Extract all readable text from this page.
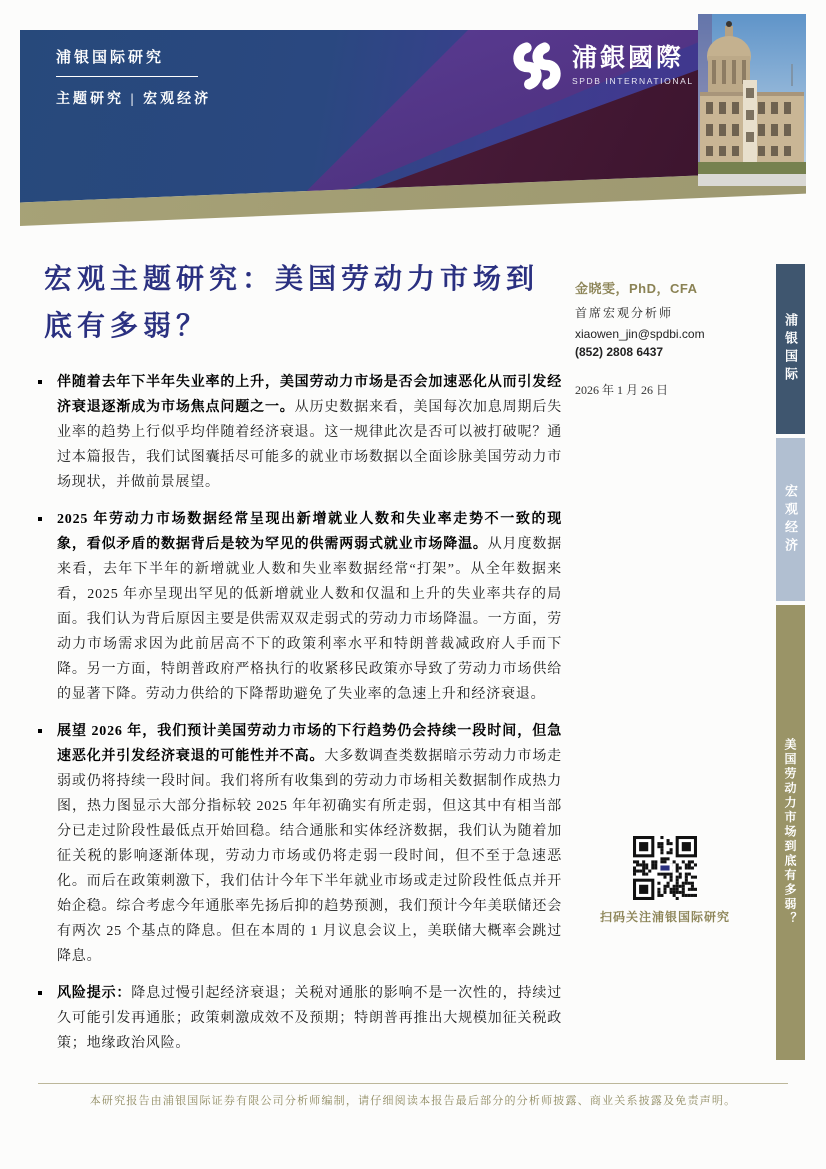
浦银国际研究
主题研究 | 宏观经济
浦銀國際
SPDB INTERNATIONAL
宏观主题研究：美国劳动力市场到底有多弱？
伴随着去年下半年失业率的上升，美国劳动力市场是否会加速恶化从而引发经济衰退逐渐成为市场焦点问题之一。从历史数据来看，美国每次加息周期后失业率的趋势上行似乎均伴随着经济衰退。这一规律此次是否可以被打破呢？通过本篇报告，我们试图囊括尽可能多的就业市场数据以全面诊脉美国劳动力市场现状，并做前景展望。
2025 年劳动力市场数据经常呈现出新增就业人数和失业率走势不一致的现象，看似矛盾的数据背后是较为罕见的供需两弱式就业市场降温。从月度数据来看，去年下半年的新增就业人数和失业率数据经常“打架”。从全年数据来看，2025 年亦呈现出罕见的低新增就业人数和仅温和上升的失业率共存的局面。我们认为背后原因主要是供需双双走弱式的劳动力市场降温。一方面，劳动力市场需求因为此前居高不下的政策利率水平和特朗普裁减政府人手而下降。另一方面，特朗普政府严格执行的收紧移民政策亦导致了劳动力市场供给的显著下降。劳动力供给的下降帮助避免了失业率的急速上升和经济衰退。
展望 2026 年，我们预计美国劳动力市场的下行趋势仍会持续一段时间，但急速恶化并引发经济衰退的可能性并不高。大多数调查类数据暗示劳动力市场走弱或仍将持续一段时间。我们将所有收集到的劳动力市场相关数据制作成热力图，热力图显示大部分指标较 2025 年年初确实有所走弱，但这其中有相当部分已走过阶段性最低点开始回稳。结合通胀和实体经济数据，我们认为随着加征关税的影响逐渐体现，劳动力市场或仍将走弱一段时间，但不至于急速恶化。而后在政策刺激下，我们估计今年下半年就业市场或走过阶段性低点并开始企稳。综合考虑今年通胀率先扬后抑的趋势预测，我们预计今年美联储还会有两次 25 个基点的降息。但在本周的 1 月议息会议上，美联储大概率会跳过降息。
风险提示：降息过慢引起经济衰退；关税对通胀的影响不是一次性的，持续过久可能引发再通胀；政策刺激成效不及预期；特朗普再推出大规模加征关税政策；地缘政治风险。
金晓雯，PhD，CFA
首席宏观分析师
xiaowen_jin@spdbi.com
(852) 2808 6437
2026 年 1 月 26 日
扫码关注浦银国际研究
浦银国际
宏观经济
美国劳动力市场到底有多弱？
本研究报告由浦银国际证券有限公司分析师编制，请仔细阅读本报告最后部分的分析师披露、商业关系披露及免责声明。
